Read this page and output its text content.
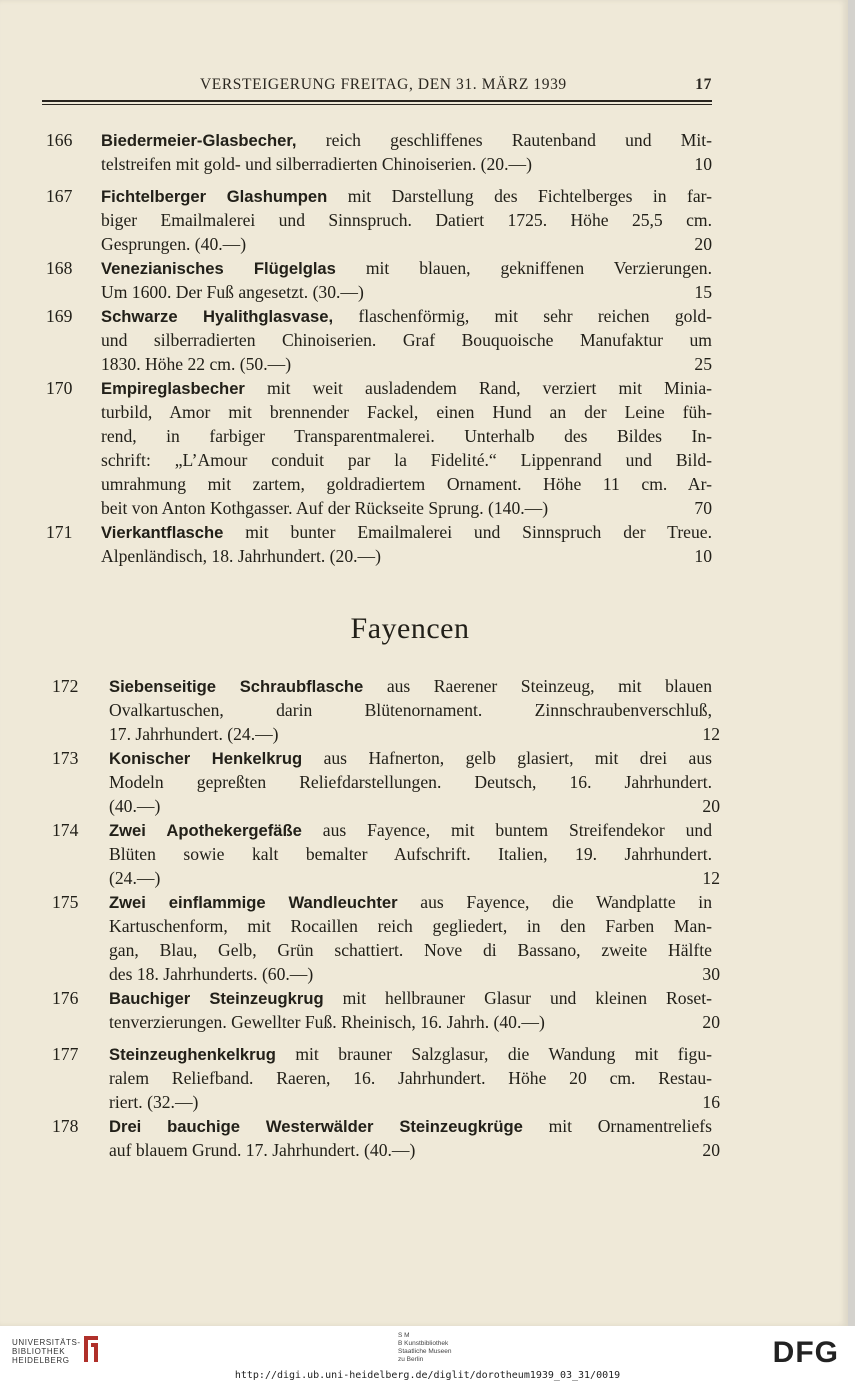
VERSTEIGERUNG FREITAG, DEN 31. MÄRZ 1939	17
166	Biedermeier-Glasbecher, reich geschliffenes Rautenband und Mit-
telstreifen mit gold- und silberradierten Chinoiserien. (20.—)	10
167	Fichtelberger Glashumpen mit Darstellung des Fichtelberges in far-
biger Emailmalerei und Sinnspruch. Datiert 1725. Höhe 25,5 cm.
Gesprungen. (40.—)	20
168	Venezianisches Flügelglas mit blauen, gekniffenen Verzierungen.
Um 1600. Der Fuß angesetzt. (30.—)	15
169	Schwarze Hyalithglasvase, flaschenförmig, mit sehr reichen gold-
und silberradierten Chinoiserien. Graf Bouquoische Manufaktur um
1830. Höhe 22 cm. (50.—)	25
170	Empireglasbecher mit weit ausladendem Rand, verziert mit Minia-
turbild, Amor mit brennender Fackel, einen Hund an der Leine füh-
rend, in farbiger Transparentmalerei. Unterhalb des Bildes In-
schrift: „L’Amour conduit par la Fidelité.“ Lippenrand und Bild-
umrahmung mit zartem, goldradiertem Ornament. Höhe 11 cm. Ar-
beit von Anton Kothgasser. Auf der Rückseite Sprung. (140.—)	70
171	Vierkantflasche mit bunter Emailmalerei und Sinnspruch der Treue.
Alpenländisch, 18. Jahrhundert. (20.—)	10
172	Siebenseitige Schraubflasche aus Raerener Steinzeug, mit blauen
Ovalkartuschen, darin Blütenornament. Zinnschraubenverschluß,
17. Jahrhundert. (24.—)	12
173	Konischer Henkelkrug aus Hafnerton, gelb glasiert, mit drei aus
Modeln gepreßten Reliefdarstellungen. Deutsch, 16. Jahrhundert.
(40.—)	20
174	Zwei Apothekergefäße aus Fayence, mit buntem Streifendekor und
Blüten sowie kalt bemalter Aufschrift. Italien, 19. Jahrhundert.
(24.—)	12
175	Zwei einflammige Wandleuchter aus Fayence, die Wandplatte in
Kartuschenform, mit Rocaillen reich gegliedert, in den Farben Man-
gan, Blau, Gelb, Grün schattiert. Nove di Bassano, zweite Hälfte
des 18. Jahrhunderts. (60.—)	30
176	Bauchiger Steinzeugkrug mit hellbrauner Glasur und kleinen Roset-
tenverzierungen. Gewellter Fuß. Rheinisch, 16. Jahrh. (40.—)	20
177	Steinzeughenkelkrug mit brauner Salzglasur, die Wandung mit figu-
ralem Reliefband. Raeren, 16. Jahrhundert. Höhe 20 cm. Restau-
riert. (32.—)	16
178	Drei bauchige Westerwälder Steinzeugkrüge mit Ornamentreliefs
auf blauem Grund. 17. Jahrhundert. (40.—)	20
Fayencen
UNIVERSITÄTS-
BIBLIOTHEK
HEIDELBERG
S M
B Kunstbibliothek
Staatliche Museen
zu Berlin	DFG
http://digi.ub.uni-heidelberg.de/diglit/dorotheum1939_03_31/0019
